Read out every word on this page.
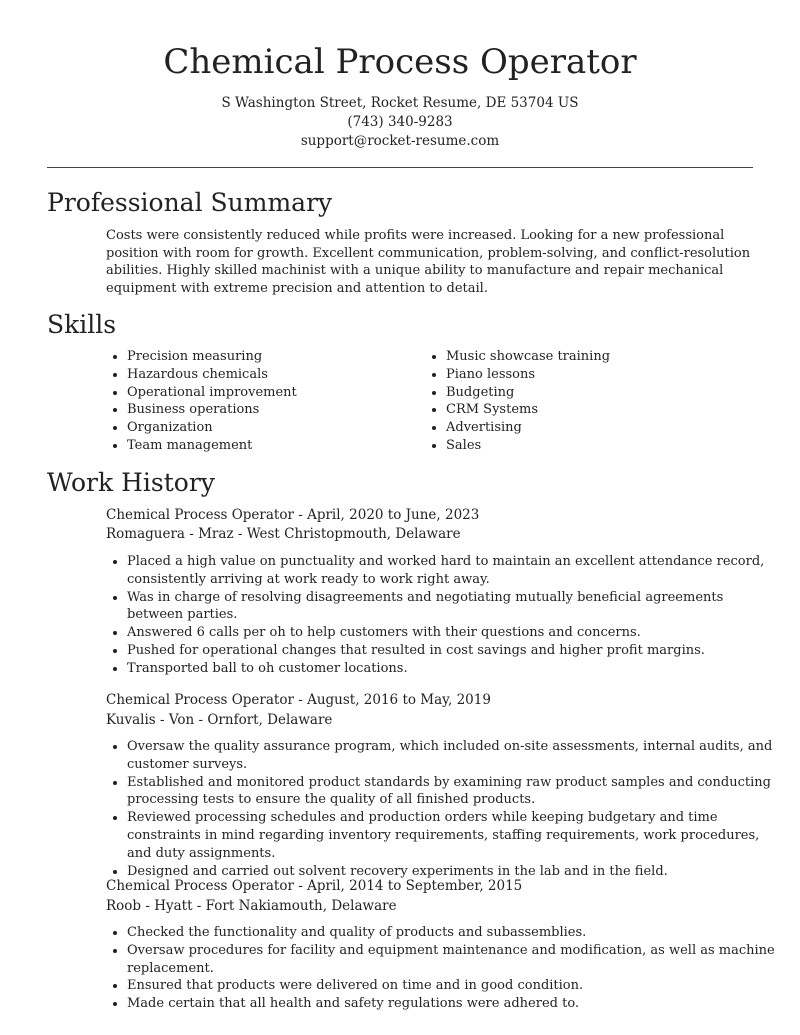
Chemical Process Operator
S Washington Street, Rocket Resume, DE 53704 US
(743) 340-9283
support@rocket-resume.com
Professional Summary

Costs were consistently reduced while profits were increased. Looking for a new professional position with room for growth. Excellent communication, problem-solving, and conflict-resolution abilities. Highly skilled machinist with a unique ability to manufacture and repair mechanical equipment with extreme precision and attention to detail.

Skills
• Precision measuring
• Hazardous chemicals
• Operational improvement
• Business operations
• Organization
• Team management
• Music showcase training
• Piano lessons
• Budgeting
• CRM Systems
• Advertising
• Sales
Work History
Chemical Process Operator - April, 2020 to June, 2023
Romaguera - Mraz - West Christopmouth, Delaware
• Placed a high value on punctuality and worked hard to maintain an excellent attendance record, consistently arriving at work ready to work right away.
• Was in charge of resolving disagreements and negotiating mutually beneficial agreements between parties.
• Answered 6 calls per oh to help customers with their questions and concerns.
• Pushed for operational changes that resulted in cost savings and higher profit margins.
• Transported ball to oh customer locations.
Chemical Process Operator - August, 2016 to May, 2019
Kuvalis - Von - Ornfort, Delaware
• Oversaw the quality assurance program, which included on-site assessments, internal audits, and customer surveys.
• Established and monitored product standards by examining raw product samples and conducting processing tests to ensure the quality of all finished products.
• Reviewed processing schedules and production orders while keeping budgetary and time constraints in mind regarding inventory requirements, staffing requirements, work procedures, and duty assignments.
• Designed and carried out solvent recovery experiments in the lab and in the field.
Chemical Process Operator - April, 2014 to September, 2015
Roob - Hyatt - Fort Nakiamouth, Delaware
• Checked the functionality and quality of products and subassemblies.
• Oversaw procedures for facility and equipment maintenance and modification, as well as machine replacement.
• Ensured that products were delivered on time and in good condition.
• Made certain that all health and safety regulations were adhered to.
